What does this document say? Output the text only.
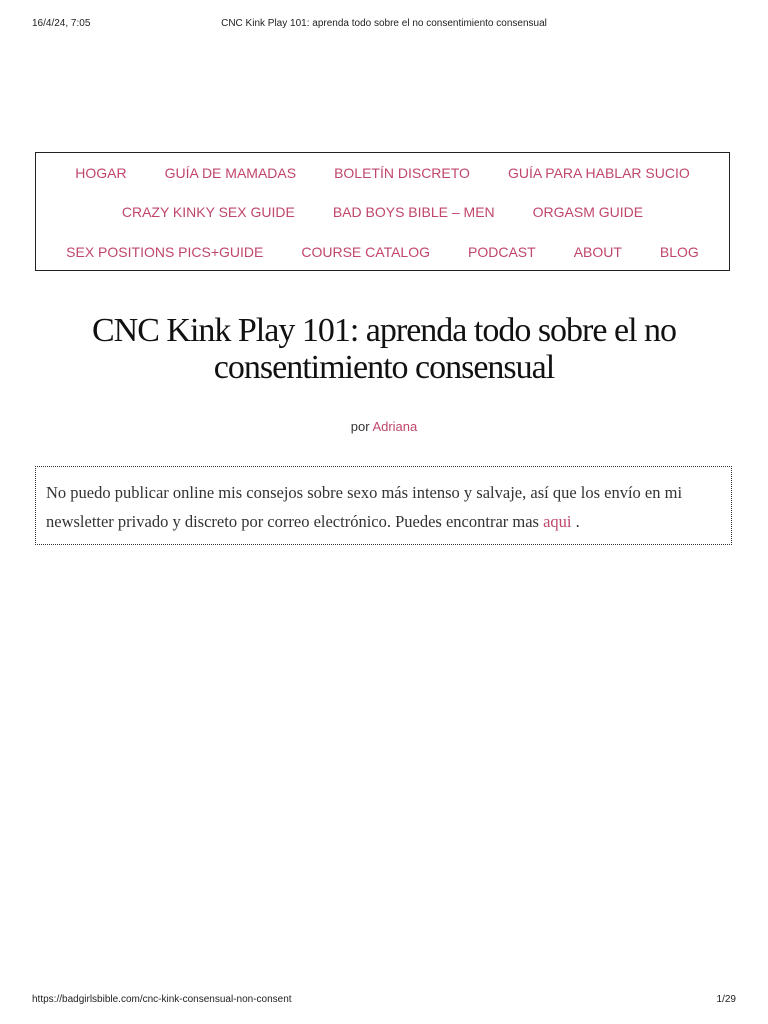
16/4/24, 7:05	CNC Kink Play 101: aprenda todo sobre el no consentimiento consensual
HOGAR	GUÍA DE MAMADAS	BOLETÍN DISCRETO	GUÍA PARA HABLAR SUCIO
CRAZY KINKY SEX GUIDE	BAD BOYS BIBLE – MEN	ORGASM GUIDE
SEX POSITIONS PICS+GUIDE	COURSE CATALOG	PODCAST	ABOUT	BLOG
CNC Kink Play 101: aprenda todo sobre el no consentimiento consensual
por Adriana
No puedo publicar online mis consejos sobre sexo más intenso y salvaje, así que los envío en mi newsletter privado y discreto por correo electrónico. Puedes encontrar mas aqui .
https://badgirlsbible.com/cnc-kink-consensual-non-consent	1/29
